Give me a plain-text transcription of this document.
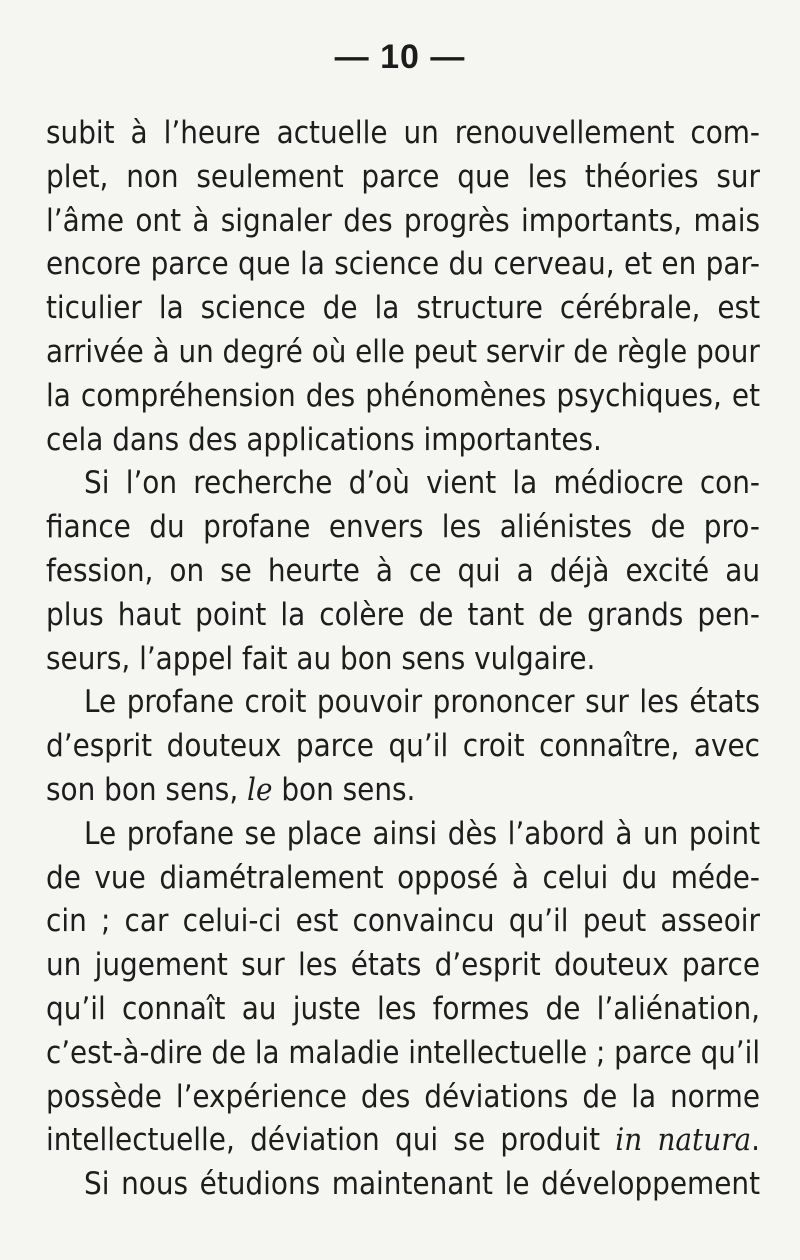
— 10 —
subit à l’heure actuelle un renouvellement com-
plet, non seulement parce que les théories sur
l’âme ont à signaler des progrès importants, mais
encore parce que la science du cerveau, et en par-
ticulier la science de la structure cérébrale, est
arrivée à un degré où elle peut servir de règle pour
la compréhension des phénomènes psychiques, et
cela dans des applications importantes.
Si l’on recherche d’où vient la médiocre con-
fiance du profane envers les aliénistes de pro-
fession, on se heurte à ce qui a déjà excité au
plus haut point la colère de tant de grands pen-
seurs, l’appel fait au bon sens vulgaire.
Le profane croit pouvoir prononcer sur les états
d’esprit douteux parce qu’il croit connaître, avec
son bon sens, le bon sens.
Le profane se place ainsi dès l’abord à un point
de vue diamétralement opposé à celui du méde-
cin ; car celui-ci est convaincu qu’il peut asseoir
un jugement sur les états d’esprit douteux parce
qu’il connaît au juste les formes de l’aliénation,
c’est-à-dire de la maladie intellectuelle ; parce qu’il
possède l’expérience des déviations de la norme
intellectuelle, déviation qui se produit in natura.
Si nous étudions maintenant le développement
